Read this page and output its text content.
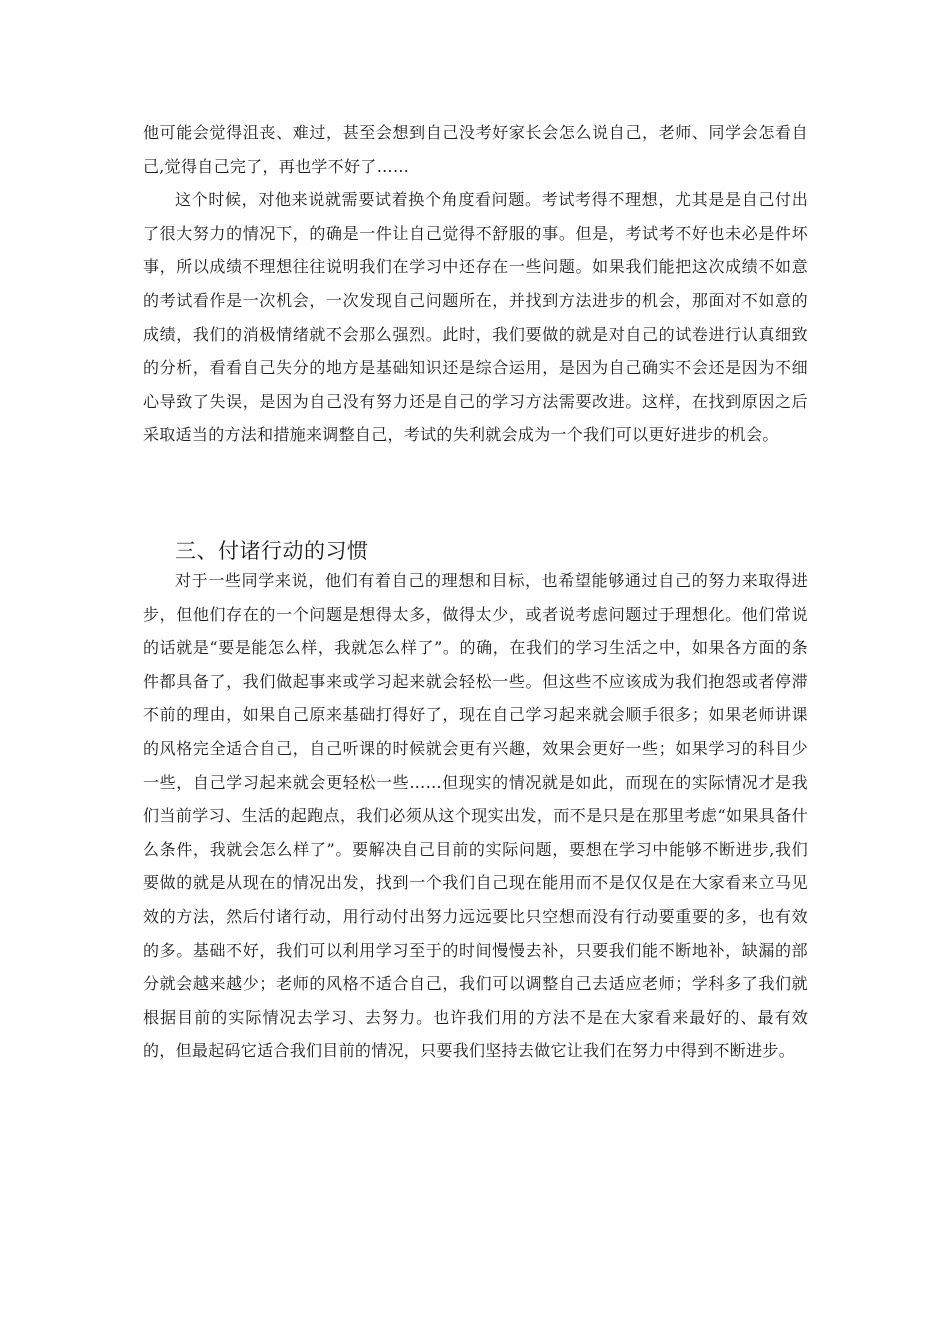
他可能会觉得沮丧、难过，甚至会想到自己没考好家长会怎么说自己，老师、同学会怎看自己,觉得自己完了，再也学不好了……

这个时候，对他来说就需要试着换个角度看问题。考试考得不理想，尤其是是自己付出了很大努力的情况下，的确是一件让自己觉得不舒服的事。但是，考试考不好也未必是件坏事，所以成绩不理想往往说明我们在学习中还存在一些问题。如果我们能把这次成绩不如意的考试看作是一次机会，一次发现自己问题所在，并找到方法进步的机会，那面对不如意的成绩，我们的消极情绪就不会那么强烈。此时，我们要做的就是对自己的试卷进行认真细致的分析，看看自己失分的地方是基础知识还是综合运用，是因为自己确实不会还是因为不细心导致了失误，是因为自己没有努力还是自己的学习方法需要改进。这样，在找到原因之后采取适当的方法和措施来调整自己，考试的失利就会成为一个我们可以更好进步的机会。

三、付诸行动的习惯

对于一些同学来说，他们有着自己的理想和目标，也希望能够通过自己的努力来取得进步，但他们存在的一个问题是想得太多，做得太少，或者说考虑问题过于理想化。他们常说的话就是“要是能怎么样，我就怎么样了”。的确，在我们的学习生活之中，如果各方面的条件都具备了，我们做起事来或学习起来就会轻松一些。但这些不应该成为我们抱怨或者停滞不前的理由，如果自己原来基础打得好了，现在自己学习起来就会顺手很多；如果老师讲课的风格完全适合自己，自己听课的时候就会更有兴趣，效果会更好一些；如果学习的科目少一些，自己学习起来就会更轻松一些……但现实的情况就是如此，而现在的实际情况才是我们当前学习、生活的起跑点，我们必须从这个现实出发，而不是只是在那里考虑“如果具备什么条件，我就会怎么样了”。要解决自己目前的实际问题，要想在学习中能够不断进步,我们要做的就是从现在的情况出发，找到一个我们自己现在能用而不是仅仅是在大家看来立马见效的方法，然后付诸行动，用行动付出努力远远要比只空想而没有行动要重要的多，也有效的多。基础不好，我们可以利用学习至于的时间慢慢去补，只要我们能不断地补，缺漏的部分就会越来越少；老师的风格不适合自己，我们可以调整自己去适应老师；学科多了我们就根据目前的实际情况去学习、去努力。也许我们用的方法不是在大家看来最好的、最有效的，但最起码它适合我们目前的情况，只要我们坚持去做它让我们在努力中得到不断进步。
